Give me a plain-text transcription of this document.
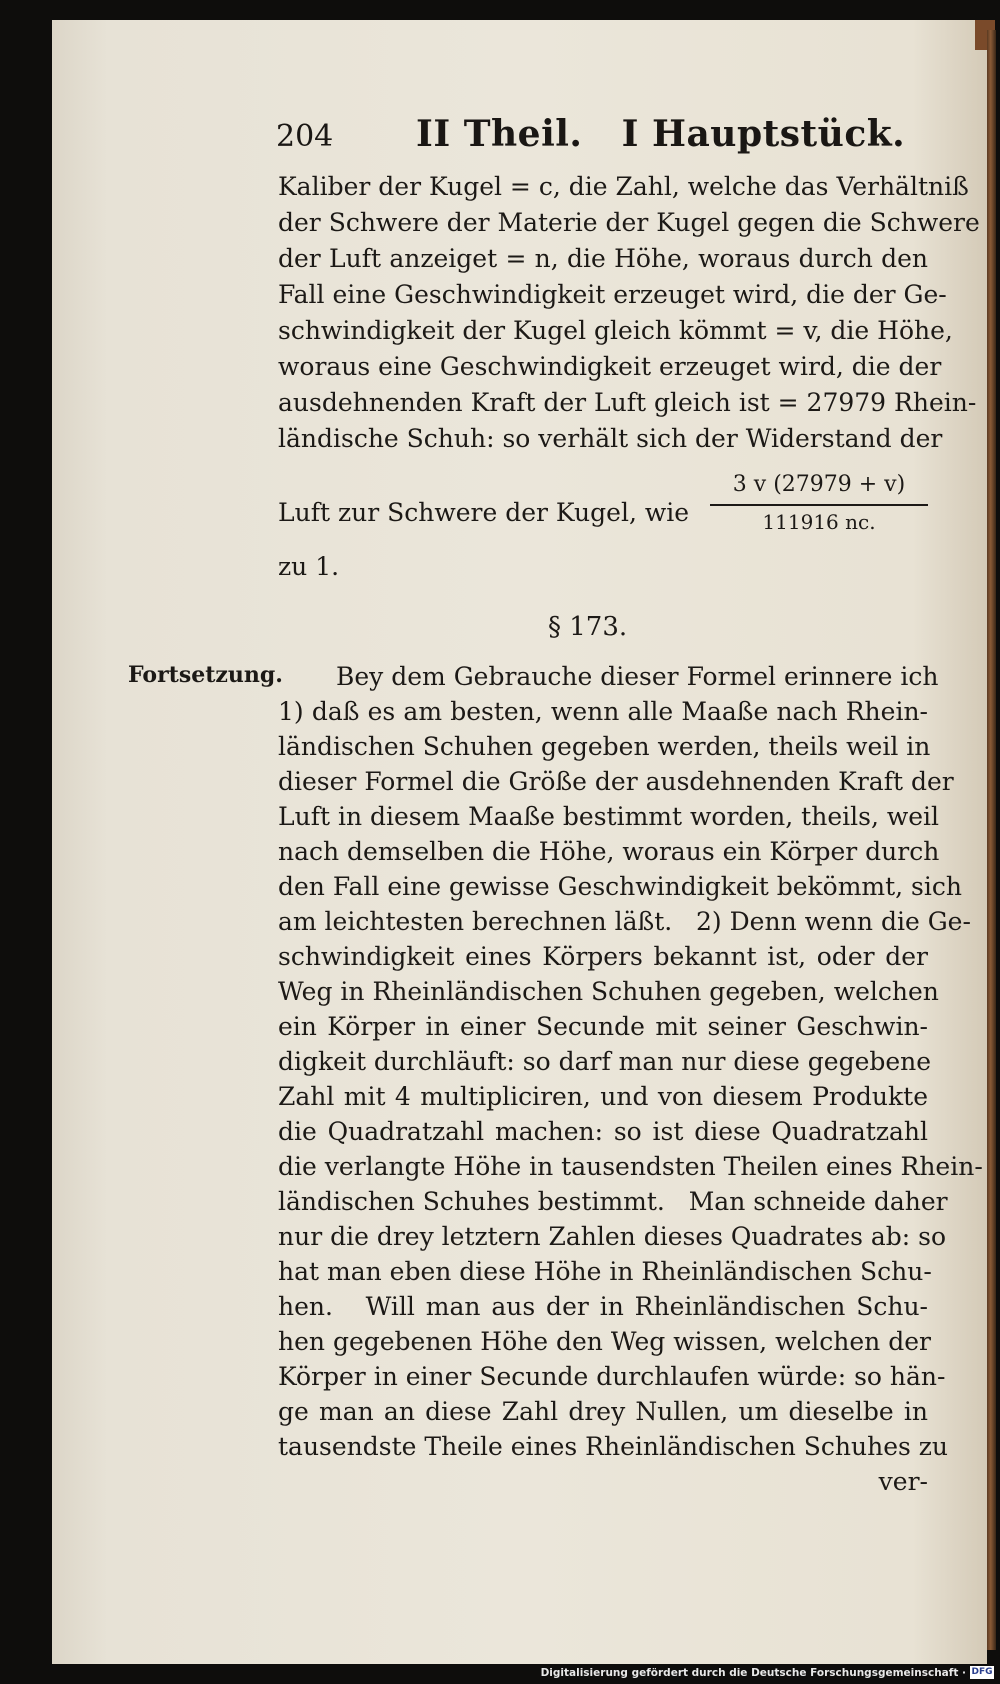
204 II Theil.   I Hauptstück.
Kaliber der Kugel = c, die Zahl, welche das Verhältniß
der Schwere der Materie der Kugel gegen die Schwere
der Luft anzeiget = n, die Höhe, woraus durch den
Fall eine Geschwindigkeit erzeuget wird, die der Ge-
schwindigkeit der Kugel gleich kömmt = v, die Höhe,
woraus eine Geschwindigkeit erzeuget wird, die der
ausdehnenden Kraft der Luft gleich ist = 27979 Rhein-
ländische Schuh: so verhält sich der Widerstand der
Luft zur Schwere der Kugel, wie
3 v (27979 + v)
111916 nc.
zu 1.
§ 173.
Fortsetzung.	Bey dem Gebrauche dieser Formel erinnere ich
1) daß es am besten, wenn alle Maaße nach Rhein-
ländischen Schuhen gegeben werden, theils weil in
dieser Formel die Größe der ausdehnenden Kraft der
Luft in diesem Maaße bestimmt worden, theils, weil
nach demselben die Höhe, woraus ein Körper durch
den Fall eine gewisse Geschwindigkeit bekömmt, sich
am leichtesten berechnen läßt.   2) Denn wenn die Ge-
schwindigkeit eines Körpers bekannt ist, oder der
Weg in Rheinländischen Schuhen gegeben, welchen
ein Körper in einer Secunde mit seiner Geschwin-
digkeit durchläuft: so darf man nur diese gegebene
Zahl mit 4 multipliciren, und von diesem Produkte
die Quadratzahl machen: so ist diese Quadratzahl
die verlangte Höhe in tausendsten Theilen eines Rhein-
ländischen Schuhes bestimmt.   Man schneide daher
nur die drey letztern Zahlen dieses Quadrates ab: so
hat man eben diese Höhe in Rheinländischen Schu-
hen.   Will man aus der in Rheinländischen Schu-
hen gegebenen Höhe den Weg wissen, welchen der
Körper in einer Secunde durchlaufen würde: so hän-
ge man an diese Zahl drey Nullen, um dieselbe in
tausendste Theile eines Rheinländischen Schuhes zu
ver-
Digitalisierung gefördert durch die Deutsche Forschungsgemeinschaft · DFG
